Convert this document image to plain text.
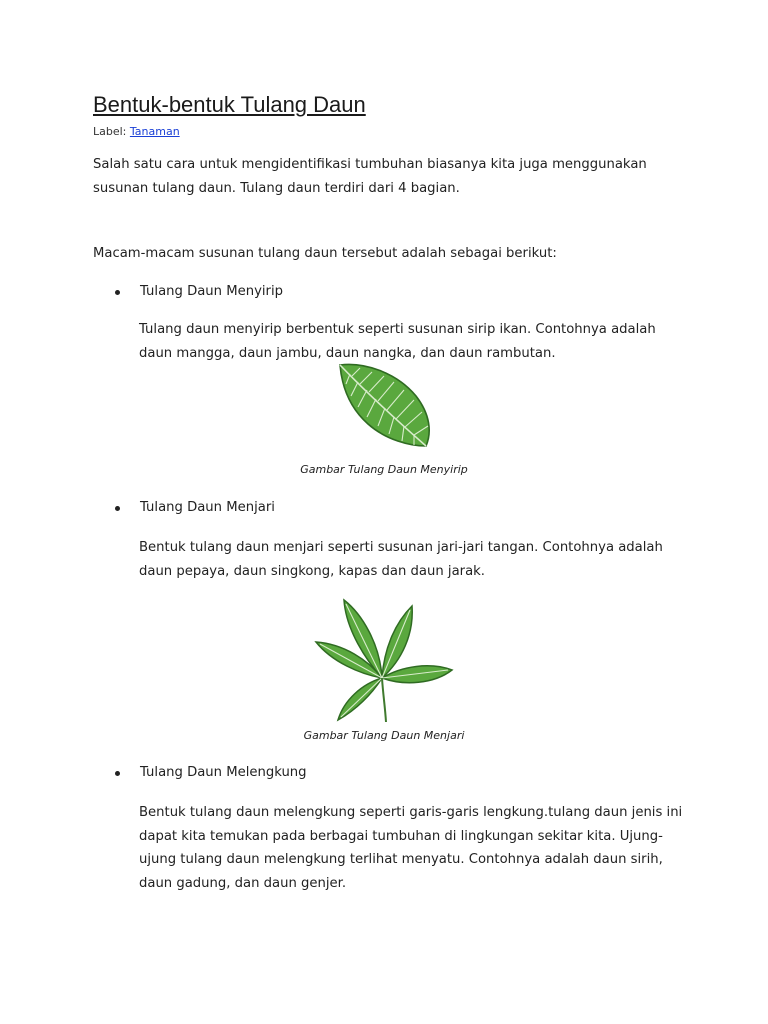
Bentuk-bentuk Tulang Daun
Label: Tanaman

Salah satu cara untuk mengidentifikasi tumbuhan biasanya kita juga menggunakan susunan tulang daun. Tulang daun terdiri dari 4 bagian.

Macam-macam susunan tulang daun tersebut adalah sebagai berikut:

Tulang Daun Menyirip

Tulang daun menyirip berbentuk seperti susunan sirip ikan. Contohnya adalah daun mangga, daun jambu, daun nangka, dan daun rambutan.

Gambar Tulang Daun Menyirip
Tulang Daun Menjari

Bentuk tulang daun menjari seperti susunan jari-jari tangan. Contohnya adalah daun pepaya, daun singkong, kapas dan daun jarak.

Gambar Tulang Daun Menjari
Tulang Daun Melengkung

Bentuk tulang daun melengkung seperti garis-garis lengkung.tulang daun jenis ini dapat kita temukan pada berbagai tumbuhan di lingkungan sekitar kita. Ujung-ujung tulang daun melengkung terlihat menyatu. Contohnya adalah daun sirih, daun gadung, dan daun genjer.
